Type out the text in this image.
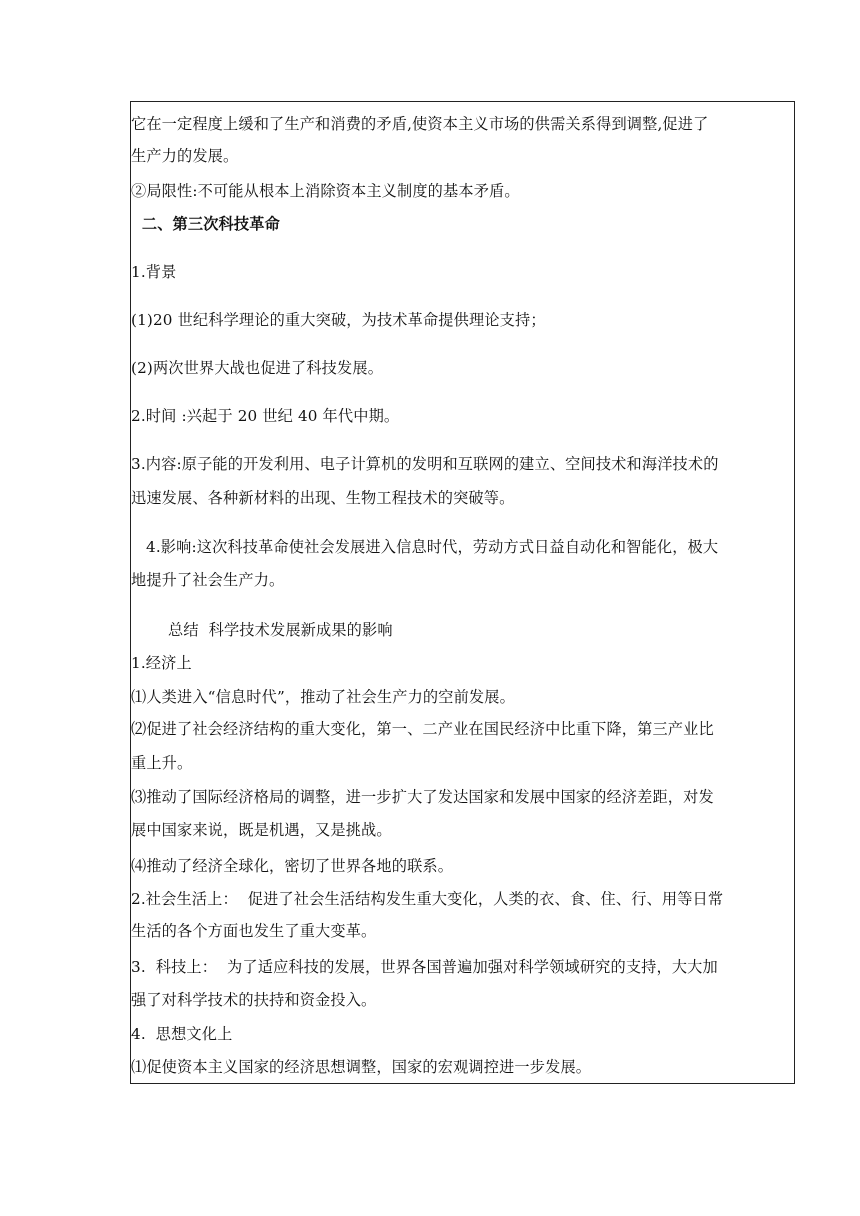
它在一定程度上缓和了生产和消费的矛盾,使资本主义市场的供需关系得到调整,促进了
生产力的发展。
②局限性:不可能从根本上消除资本主义制度的基本矛盾。
二、第三次科技革命
1.背景
(1)20 世纪科学理论的重大突破，为技术革命提供理论支持；
(2)两次世界大战也促进了科技发展。
2.时间 :兴起于 20 世纪 40 年代中期。
3.内容:原子能的开发利用、电子计算机的发明和互联网的建立、空间技术和海洋技术的
迅速发展、各种新材料的出现、生物工程技术的突破等。
4.影响:这次科技革命使社会发展进入信息时代，劳动方式日益自动化和智能化，极大
地提升了社会生产力。
总结  科学技术发展新成果的影响
1.经济上
⑴人类进入“信息时代”，推动了社会生产力的空前发展。
⑵促进了社会经济结构的重大变化，第一、二产业在国民经济中比重下降，第三产业比
重上升。
⑶推动了国际经济格局的调整，进一步扩大了发达国家和发展中国家的经济差距，对发
展中国家来说，既是机遇，又是挑战。
⑷推动了经济全球化，密切了世界各地的联系。
2.社会生活上：  促进了社会生活结构发生重大变化，人类的衣、食、住、行、用等日常
生活的各个方面也发生了重大变革。
3.  科技上：  为了适应科技的发展，世界各国普遍加强对科学领域研究的支持，大大加
强了对科学技术的扶持和资金投入。
4.  思想文化上
⑴促使资本主义国家的经济思想调整，国家的宏观调控进一步发展。
